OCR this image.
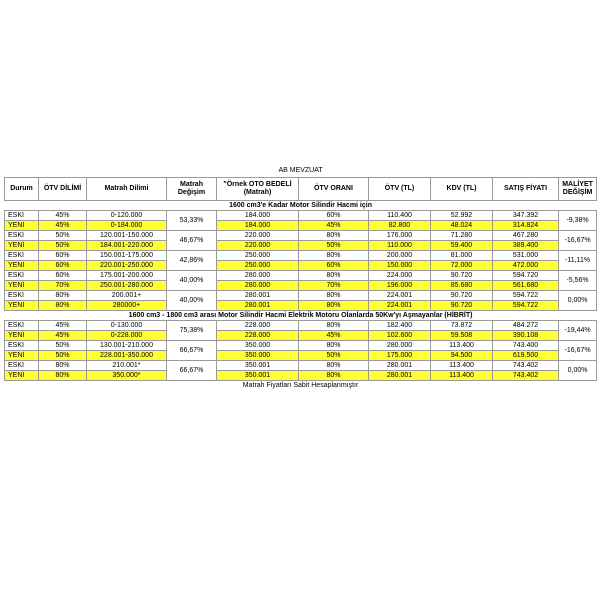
AB MEVZUAT									
Durum	ÖTV DİLİMİ	Matrah Dilimi	Matrah Değişim	"Örnek OTO BEDELİ (Matrah)	ÖTV ORANI	ÖTV (TL)	KDV (TL)	SATIŞ FİYATI	MALİYET DEĞİŞİM
1600 cm3'e Kadar Motor Silindir Hacmi için									
ESKİ	45%	0-120.000	53,33%	184.000	60%	110.400	52.992	347.392	-9,38%
YENİ	45%	0-184.000		184.000	45%	82.800	48.024	314.824	
ESKİ	50%	120.001-150.000	46,67%	220.000	80%	176.000	71.280	467.280	-16,67%
YENİ	50%	184.001-220.000		220.000	50%	110.000	59.400	389.400	
ESKİ	60%	150.001-175.000	42,86%	250.000	80%	200.000	81.000	531.000	-11,11%
YENİ	60%	220.001-250.000		250.000	60%	150.000	72.000	472.000	
ESKİ	60%	175.001-200.000	40,00%	280.000	80%	224.000	90.720	594.720	-5,56%
YENİ	70%	250.001-280.000		280.000	70%	196.000	85.680	561.680	
ESKİ	80%	200.001+	40,00%	280.001	80%	224.001	90.720	594.722	0,00%
YENİ	80%	280000+		280.001	80%	224.001	90.720	594.722	
1600 cm3 - 1800 cm3 arası Motor Silindir Hacmi Elektrik Motoru Olanlarda 50Kw'yı Aşmayanlar (HİBRİT)									
ESKİ	45%	0-130.000	75,38%	228.000	80%	182.400	73.872	484.272	-19,44%
YENİ	45%	0-228.000		228.000	45%	102.600	59.508	390.108	
ESKİ	50%	130.001-210.000	66,67%	350.000	80%	280.000	113.400	743.400	-16,67%
YENİ	50%	228.001-350.000		350.000	50%	175.000	94.500	619.500	
ESKİ	80%	210.001*	66,67%	350.001	80%	280.001	113.400	743.402	0,00%
YENİ	80%	350.000*		350.001	80%	280.001	113.400	743.402	
Matrah Fiyatları Sabit Hesaplanmıştır									
